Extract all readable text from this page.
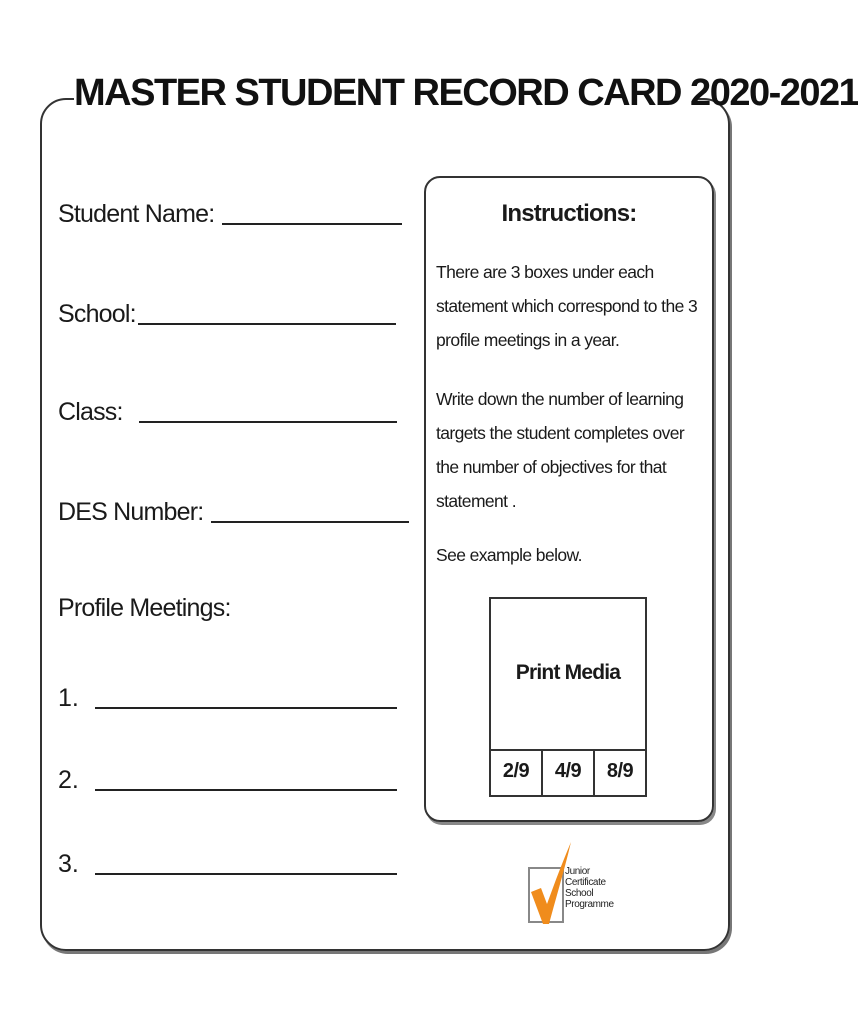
MASTER STUDENT RECORD CARD 2020-2021
Student Name:
School:
Class:
DES Number:
Profile Meetings:
1.
2.
3.
Instructions:
There are 3 boxes under each statement which correspond to the 3 profile meetings in a year.
Write down the number of learning targets the student completes over the number of objectives for that statement .
See example below.
Print Media
2/9	4/9	8/9
Junior
Certificate
School
Programme
